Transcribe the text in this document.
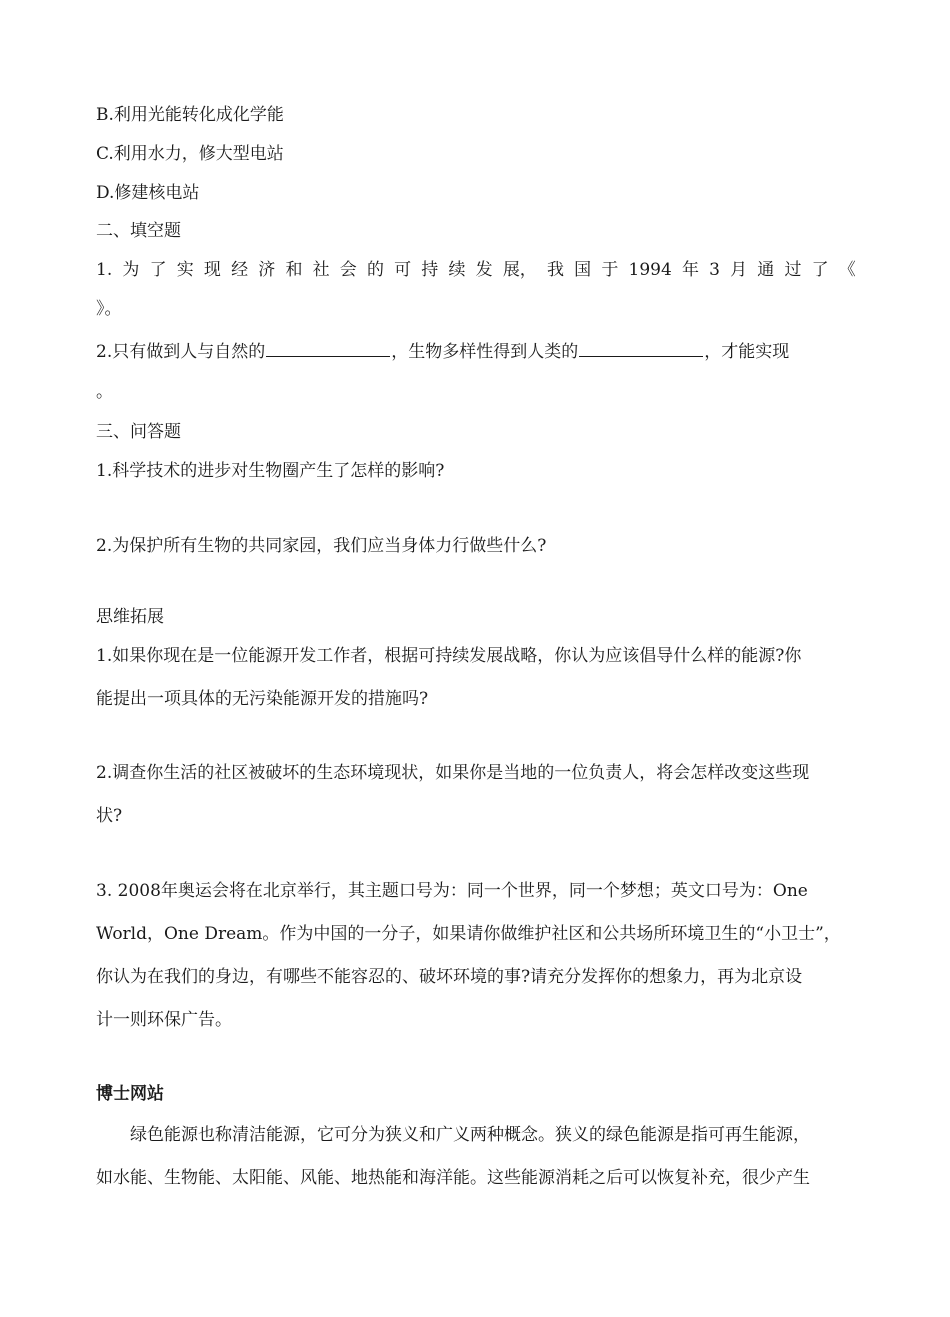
B.利用光能转化成化学能
C.利用水力，修大型电站
D.修建核电站
二、填空题
1. 为 了 实 现 经 济 和 社 会 的 可 持 续 发 展， 我 国 于 1994 年 3 月 通 过 了 《
》。
2.只有做到人与自然的	，生物多样性得到人类的	，才能实现
。
三、问答题
1.科学技术的进步对生物圈产生了怎样的影响?
2.为保护所有生物的共同家园，我们应当身体力行做些什么?
思维拓展
1.如果你现在是一位能源开发工作者，根据可持续发展战略，你认为应该倡导什么样的能源?你
能提出一项具体的无污染能源开发的措施吗?
2.调查你生活的社区被破坏的生态环境现状，如果你是当地的一位负责人，将会怎样改变这些现
状?
3. 2008年奥运会将在北京举行，其主题口号为：同一个世界，同一个梦想；英文口号为：One
World，One Dream。作为中国的一分子，如果请你做维护社区和公共场所环境卫生的“小卫士”，
你认为在我们的身边，有哪些不能容忍的、破坏环境的事?请充分发挥你的想象力，再为北京设
计一则环保广告。
博士网站
绿色能源也称清洁能源，它可分为狭义和广义两种概念。狭义的绿色能源是指可再生能源，
如水能、生物能、太阳能、风能、地热能和海洋能。这些能源消耗之后可以恢复补充，很少产生
